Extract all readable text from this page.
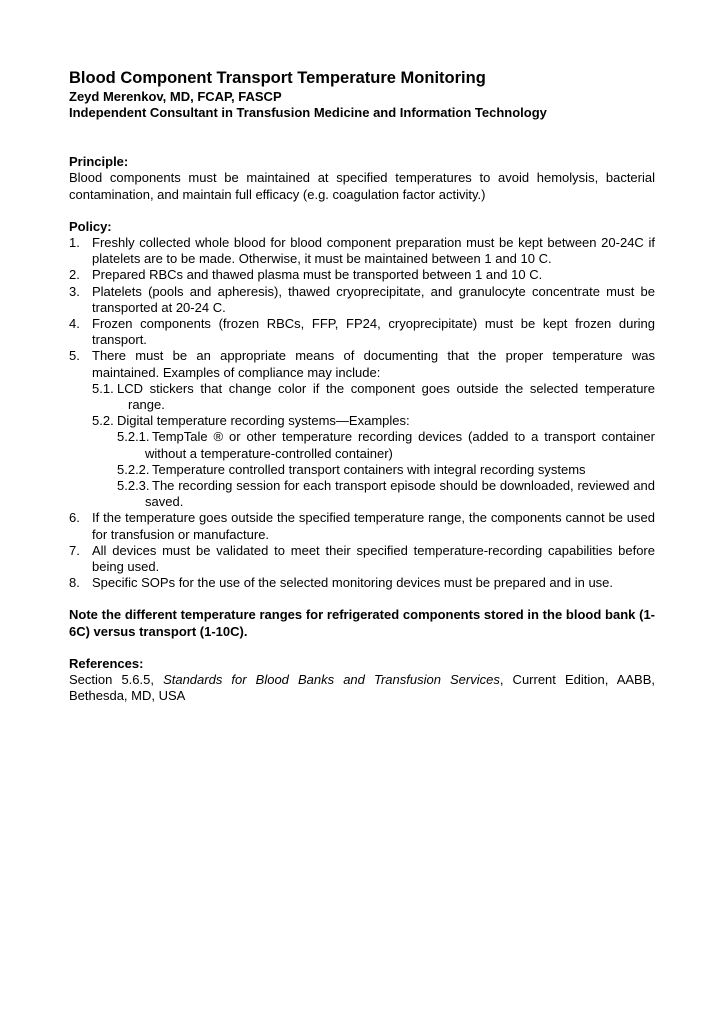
Blood Component Transport Temperature Monitoring
Zeyd Merenkov, MD, FCAP, FASCP
Independent Consultant in Transfusion Medicine and Information Technology
Principle:
Blood components must be maintained at specified temperatures to avoid hemolysis, bacterial contamination, and maintain full efficacy (e.g. coagulation factor activity.)
Policy:
1. Freshly collected whole blood for blood component preparation must be kept between 20-24C if platelets are to be made. Otherwise, it must be maintained between 1 and 10 C.
2. Prepared RBCs and thawed plasma must be transported between 1 and 10 C.
3. Platelets (pools and apheresis), thawed cryoprecipitate, and granulocyte concentrate must be transported at 20-24 C.
4. Frozen components (frozen RBCs, FFP, FP24, cryoprecipitate) must be kept frozen during transport.
5. There must be an appropriate means of documenting that the proper temperature was maintained. Examples of compliance may include:
5.1. LCD stickers that change color if the component goes outside the selected temperature range.
5.2. Digital temperature recording systems—Examples:
5.2.1. TempTale ® or other temperature recording devices (added to a transport container without a temperature-controlled container)
5.2.2. Temperature controlled transport containers with integral recording systems
5.2.3. The recording session for each transport episode should be downloaded, reviewed and saved.
6. If the temperature goes outside the specified temperature range, the components cannot be used for transfusion or manufacture.
7. All devices must be validated to meet their specified temperature-recording capabilities before being used.
8. Specific SOPs for the use of the selected monitoring devices must be prepared and in use.
Note the different temperature ranges for refrigerated components stored in the blood bank (1-6C) versus transport (1-10C).
References:
Section 5.6.5, Standards for Blood Banks and Transfusion Services, Current Edition, AABB, Bethesda, MD, USA
